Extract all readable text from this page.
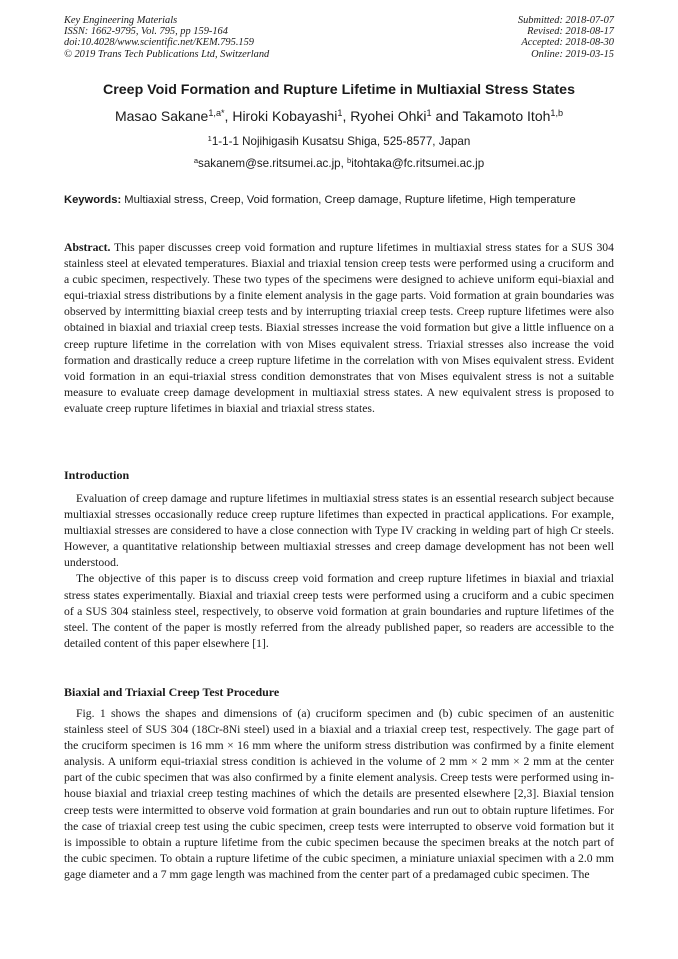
Key Engineering Materials
ISSN: 1662-9795, Vol. 795, pp 159-164
doi:10.4028/www.scientific.net/KEM.795.159
© 2019 Trans Tech Publications Ltd, Switzerland
Submitted: 2018-07-07
Revised: 2018-08-17
Accepted: 2018-08-30
Online: 2019-03-15
Creep Void Formation and Rupture Lifetime in Multiaxial Stress States
Masao Sakane$^{1,a*}$, Hiroki Kobayashi$^1$, Ryohei Ohki$^1$ and Takamoto Itoh$^{1,b}$
$^1$1-1-1 Nojihigasih Kusatsu Shiga, 525-8577, Japan
$^a$sakanem@se.ritsumei.ac.jp, $^b$itohtaka@fc.ritsumei.ac.jp
Keywords: Multiaxial stress, Creep, Void formation, Creep damage, Rupture lifetime, High temperature
Abstract. This paper discusses creep void formation and rupture lifetimes in multiaxial stress states for a SUS 304 stainless steel at elevated temperatures. Biaxial and triaxial tension creep tests were performed using a cruciform and a cubic specimen, respectively. These two types of the specimens were designed to achieve uniform equi-biaxial and equi-triaxial stress distributions by a finite element analysis in the gage parts. Void formation at grain boundaries was observed by intermitting biaxial creep tests and by interrupting triaxial creep tests. Creep rupture lifetimes were also obtained in biaxial and triaxial creep tests. Biaxial stresses increase the void formation but give a little influence on a creep rupture lifetime in the correlation with von Mises equivalent stress. Triaxial stresses also increase the void formation and drastically reduce a creep rupture lifetime in the correlation with von Mises equivalent stress. Evident void formation in an equi-triaxial stress condition demonstrates that von Mises equivalent stress is not a suitable measure to evaluate creep damage development in multiaxial stress states. A new equivalent stress is proposed to evaluate creep rupture lifetimes in biaxial and triaxial stress states.
Introduction

Evaluation of creep damage and rupture lifetimes in multiaxial stress states is an essential research subject because multiaxial stresses occasionally reduce creep rupture lifetimes than expected in practical applications. For example, multiaxial stresses are considered to have a close connection with Type IV cracking in welding part of high Cr steels. However, a quantitative relationship between multiaxial stresses and creep damage development has not been well understood.

The objective of this paper is to discuss creep void formation and creep rupture lifetimes in biaxial and triaxial stress states experimentally. Biaxial and triaxial creep tests were performed using a cruciform and a cubic specimen of a SUS 304 stainless steel, respectively, to observe void formation at grain boundaries and rupture lifetimes of the steel. The content of the paper is mostly referred from the already published paper, so readers are accessible to the detailed content of this paper elsewhere [1].

Biaxial and Triaxial Creep Test Procedure

Fig. 1 shows the shapes and dimensions of (a) cruciform specimen and (b) cubic specimen of an austenitic stainless steel of SUS 304 (18Cr-8Ni steel) used in a biaxial and a triaxial creep test, respectively. The gage part of the cruciform specimen is 16 mm × 16 mm where the uniform stress distribution was confirmed by a finite element analysis. A uniform equi-triaxial stress condition is achieved in the volume of 2 mm × 2 mm × 2 mm at the center part of the cubic specimen that was also confirmed by a finite element analysis. Creep tests were performed using in-house biaxial and triaxial creep testing machines of which the details are presented elsewhere [2,3]. Biaxial tension creep tests were intermitted to observe void formation at grain boundaries and run out to obtain rupture lifetimes. For the case of triaxial creep test using the cubic specimen, creep tests were interrupted to observe void formation but it is impossible to obtain a rupture lifetime from the cubic specimen because the specimen breaks at the notch part of the cubic specimen. To obtain a rupture lifetime of the cubic specimen, a miniature uniaxial specimen with a 2.0 mm gage diameter and a 7 mm gage length was machined from the center part of a predamaged cubic specimen. The
